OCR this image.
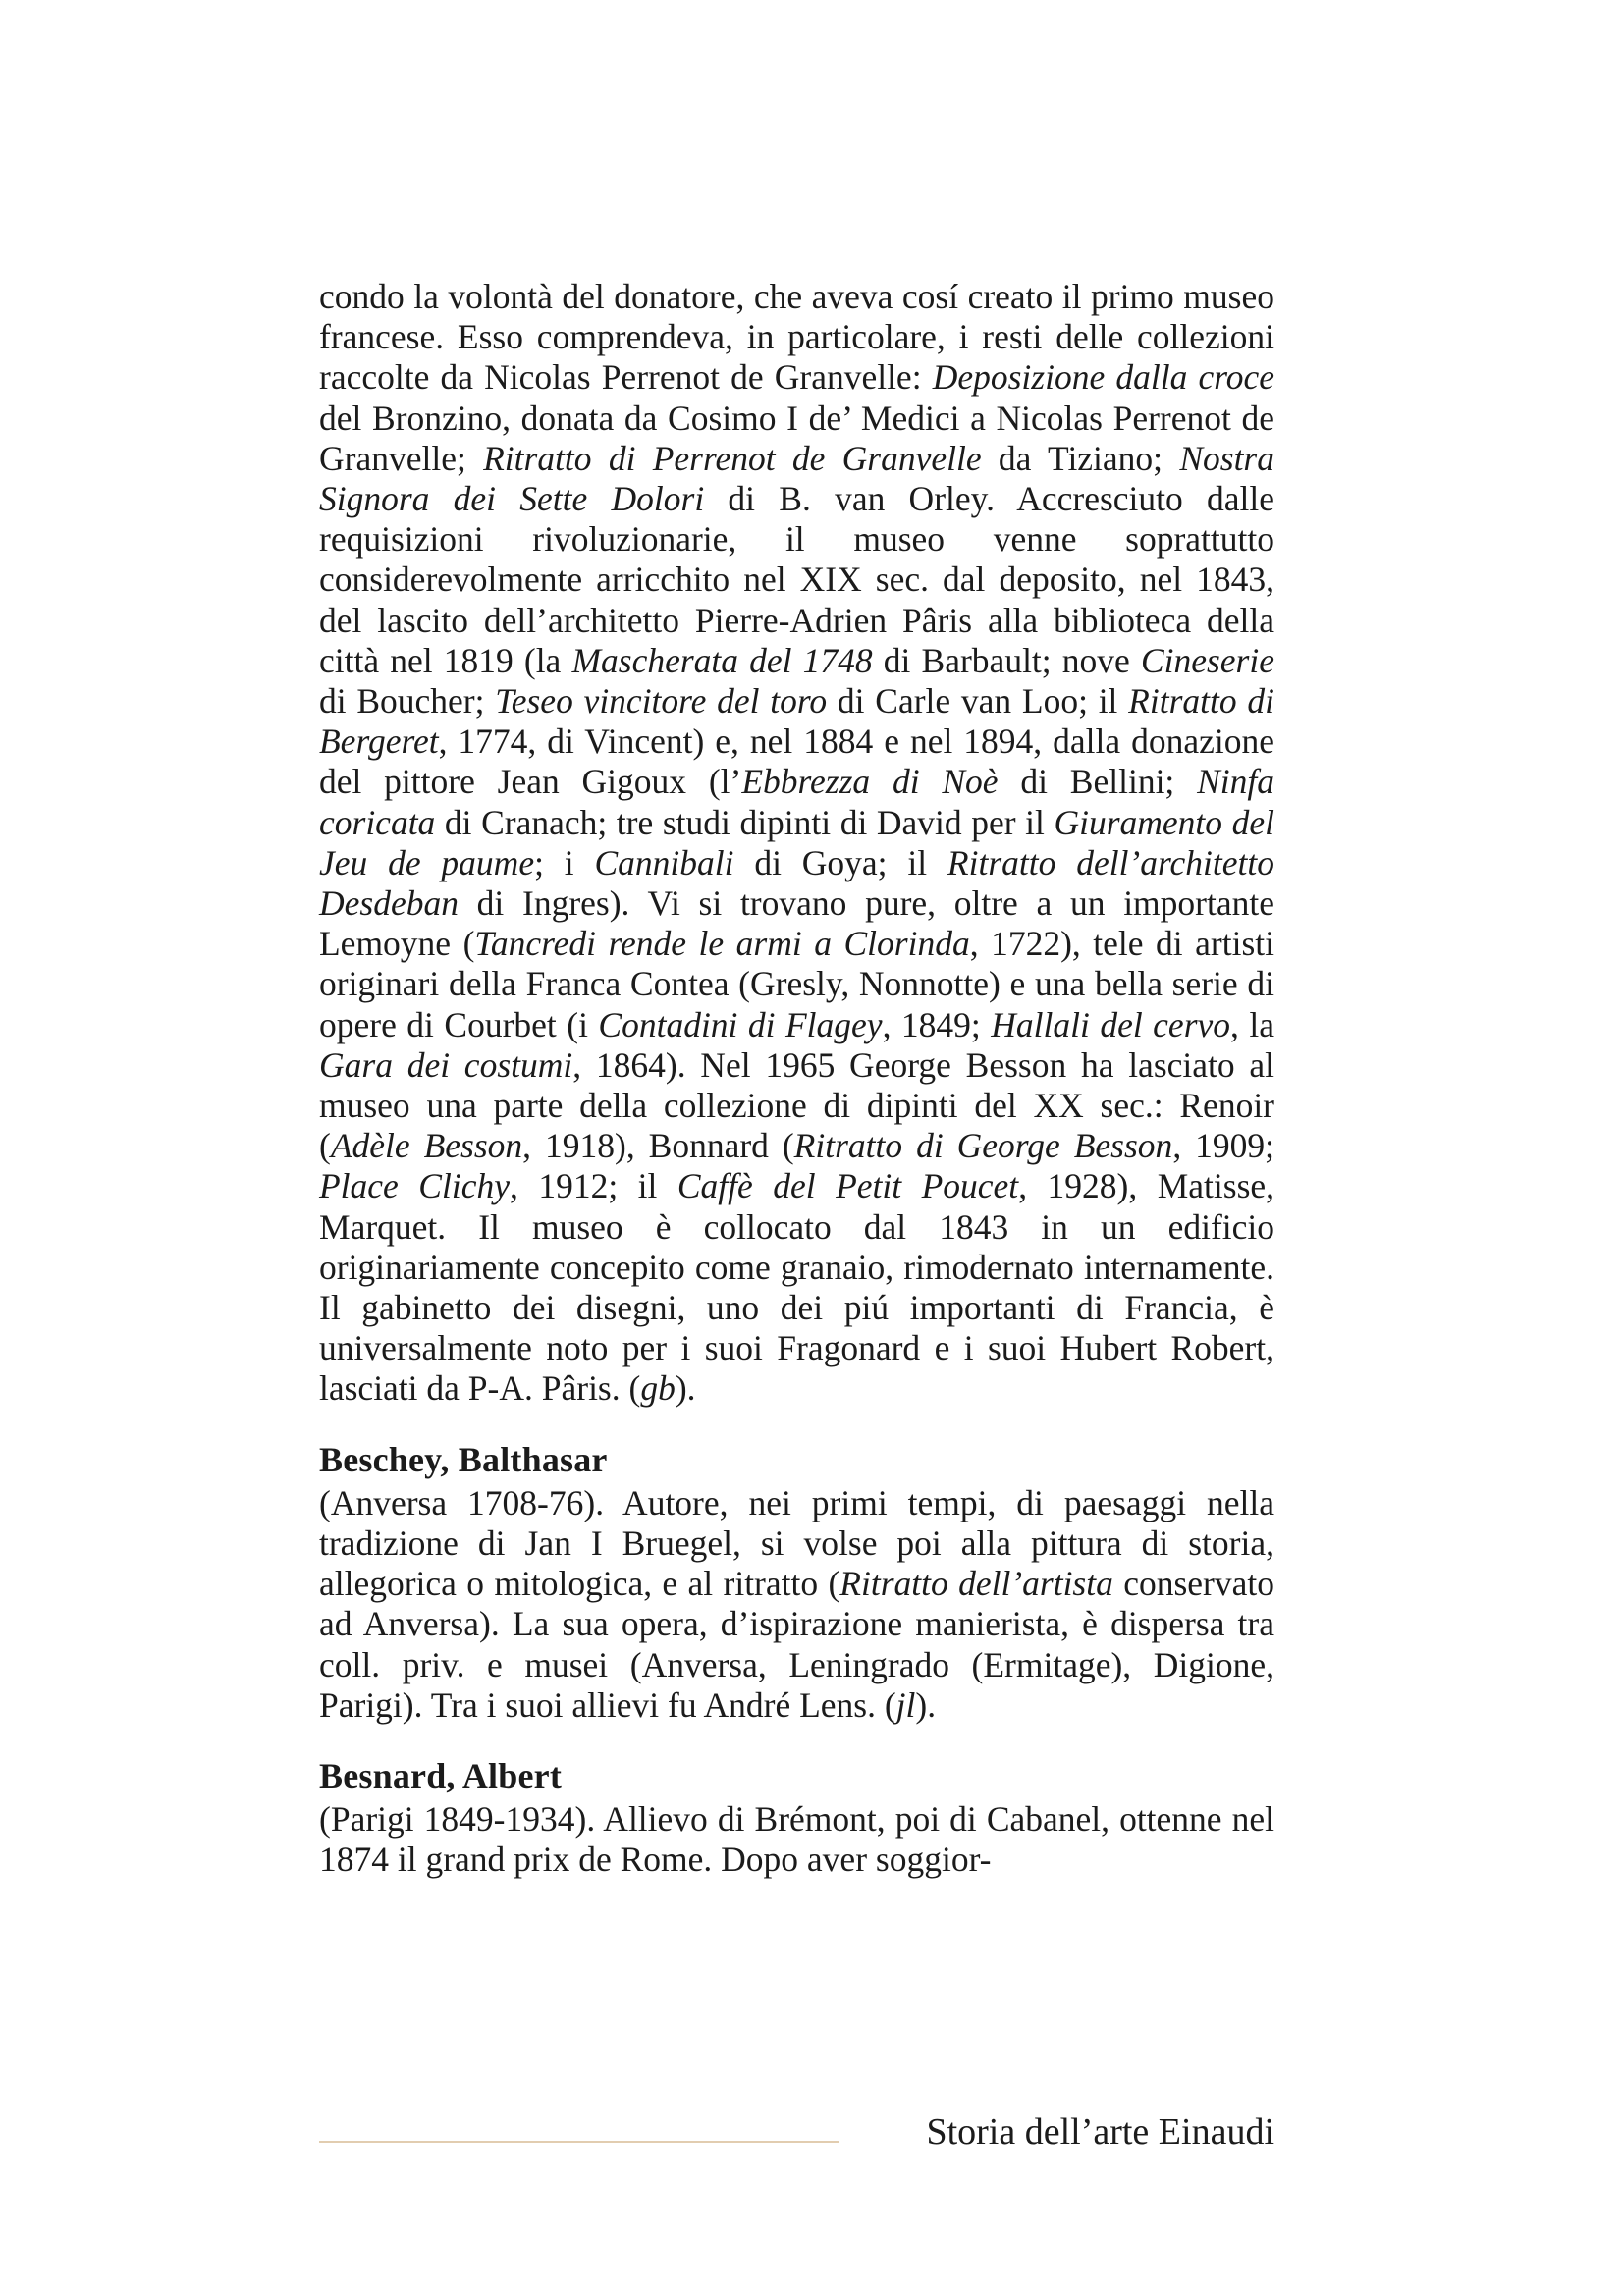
condo la volontà del donatore, che aveva cosí creato il primo museo francese. Esso comprendeva, in particolare, i resti delle collezioni raccolte da Nicolas Perrenot de Granvelle: Deposizione dalla croce del Bronzino, donata da Cosimo I de’ Medici a Nicolas Perrenot de Granvelle; Ritratto di Perrenot de Granvelle da Tiziano; Nostra Signora dei Sette Dolori di B. van Orley. Accresciuto dalle requisizioni rivoluzionarie, il museo venne soprattutto considerevolmente arricchito nel XIX sec. dal deposito, nel 1843, del lascito dell’architetto Pierre-Adrien Pâris alla biblioteca della città nel 1819 (la Mascherata del 1748 di Barbault; nove Cineserie di Boucher; Teseo vincitore del toro di Carle van Loo; il Ritratto di Bergeret, 1774, di Vincent) e, nel 1884 e nel 1894, dalla donazione del pittore Jean Gigoux (l’Ebbrezza di Noè di Bellini; Ninfa coricata di Cranach; tre studi dipinti di David per il Giuramento del Jeu de paume; i Cannibali di Goya; il Ritratto dell’architetto Desdeban di Ingres). Vi si trovano pure, oltre a un importante Lemoyne (Tancredi rende le armi a Clorinda, 1722), tele di artisti originari della Franca Contea (Gresly, Nonnotte) e una bella serie di opere di Courbet (i Contadini di Flagey, 1849; Hallali del cervo, la Gara dei costumi, 1864). Nel 1965 George Besson ha lasciato al museo una parte della collezione di dipinti del XX sec.: Renoir (Adèle Besson, 1918), Bonnard (Ritratto di George Besson, 1909; Place Clichy, 1912; il Caffè del Petit Poucet, 1928), Matisse, Marquet. Il museo è collocato dal 1843 in un edificio originariamente concepito come granaio, rimodernato internamente. Il gabinetto dei disegni, uno dei piú importanti di Francia, è universalmente noto per i suoi Fragonard e i suoi Hubert Robert, lasciati da P-A. Pâris. (gb).

Beschey, Balthasar

(Anversa 1708-76). Autore, nei primi tempi, di paesaggi nella tradizione di Jan I Bruegel, si volse poi alla pittura di storia, allegorica o mitologica, e al ritratto (Ritratto dell’artista conservato ad Anversa). La sua opera, d’ispirazione manierista, è dispersa tra coll. priv. e musei (Anversa, Leningrado (Ermitage), Digione, Parigi). Tra i suoi allievi fu André Lens. (jl).

Besnard, Albert

(Parigi 1849-1934). Allievo di Brémont, poi di Cabanel, ottenne nel 1874 il grand prix de Rome. Dopo aver soggior-

Storia dell’arte Einaudi
